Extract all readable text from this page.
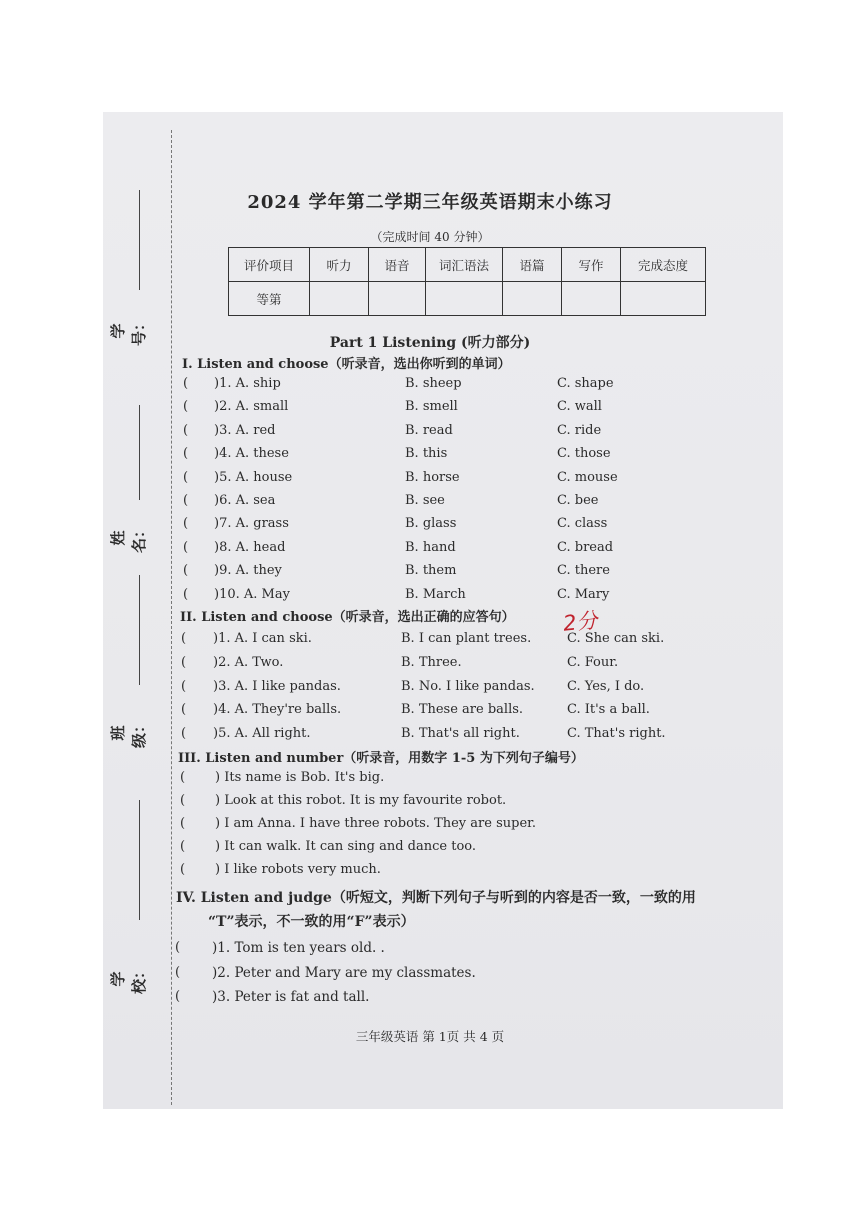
学号：
姓名：
班级：
学校：
2024 学年第二学期三年级英语期末小练习
（完成时间 40 分钟）
评价项目	听力	语音	词汇语法	语篇	写作	完成态度
等第						
Part 1 Listening (听力部分)
I. Listen and choose（听录音，选出你听到的单词）
( )1. A. ship	B. sheep	C. shape
( )2. A. small	B. smell	C. wall
( )3. A. red	B. read	C. ride
( )4. A. these	B. this	C. those
( )5. A. house	B. horse	C. mouse
( )6. A. sea	B. see	C. bee
( )7. A. grass	B. glass	C. class
( )8. A. head	B. hand	C. bread
( )9. A. they	B. them	C. there
( )10. A. May	B. March	C. Mary
II. Listen and choose（听录音，选出正确的应答句） 2分
( )1. A. I can ski.	B. I can plant trees.	C. She can ski.
( )2. A. Two.	B. Three.	C. Four.
( )3. A. I like pandas.	B. No. I like pandas. C. Yes, I do.
( )4. A. They're balls.	B. These are balls.	C. It's a ball.
( )5. A. All right.	B. That's all right.	C. That's right.
III. Listen and number（听录音，用数字 1-5 为下列句子编号）
( ) Its name is Bob. It's big.
( ) Look at this robot. It is my favourite robot.
( ) I am Anna. I have three robots. They are super.
( ) It can walk. It can sing and dance too.
( ) I like robots very much.
IV. Listen and judge（听短文，判断下列句子与听到的内容是否一致，一致的用
“T”表示，不一致的用“F”表示）
( )1. Tom is ten years old. .
( )2. Peter and Mary are my classmates.
( )3. Peter is fat and tall.
三年级英语 第 1页 共 4 页
